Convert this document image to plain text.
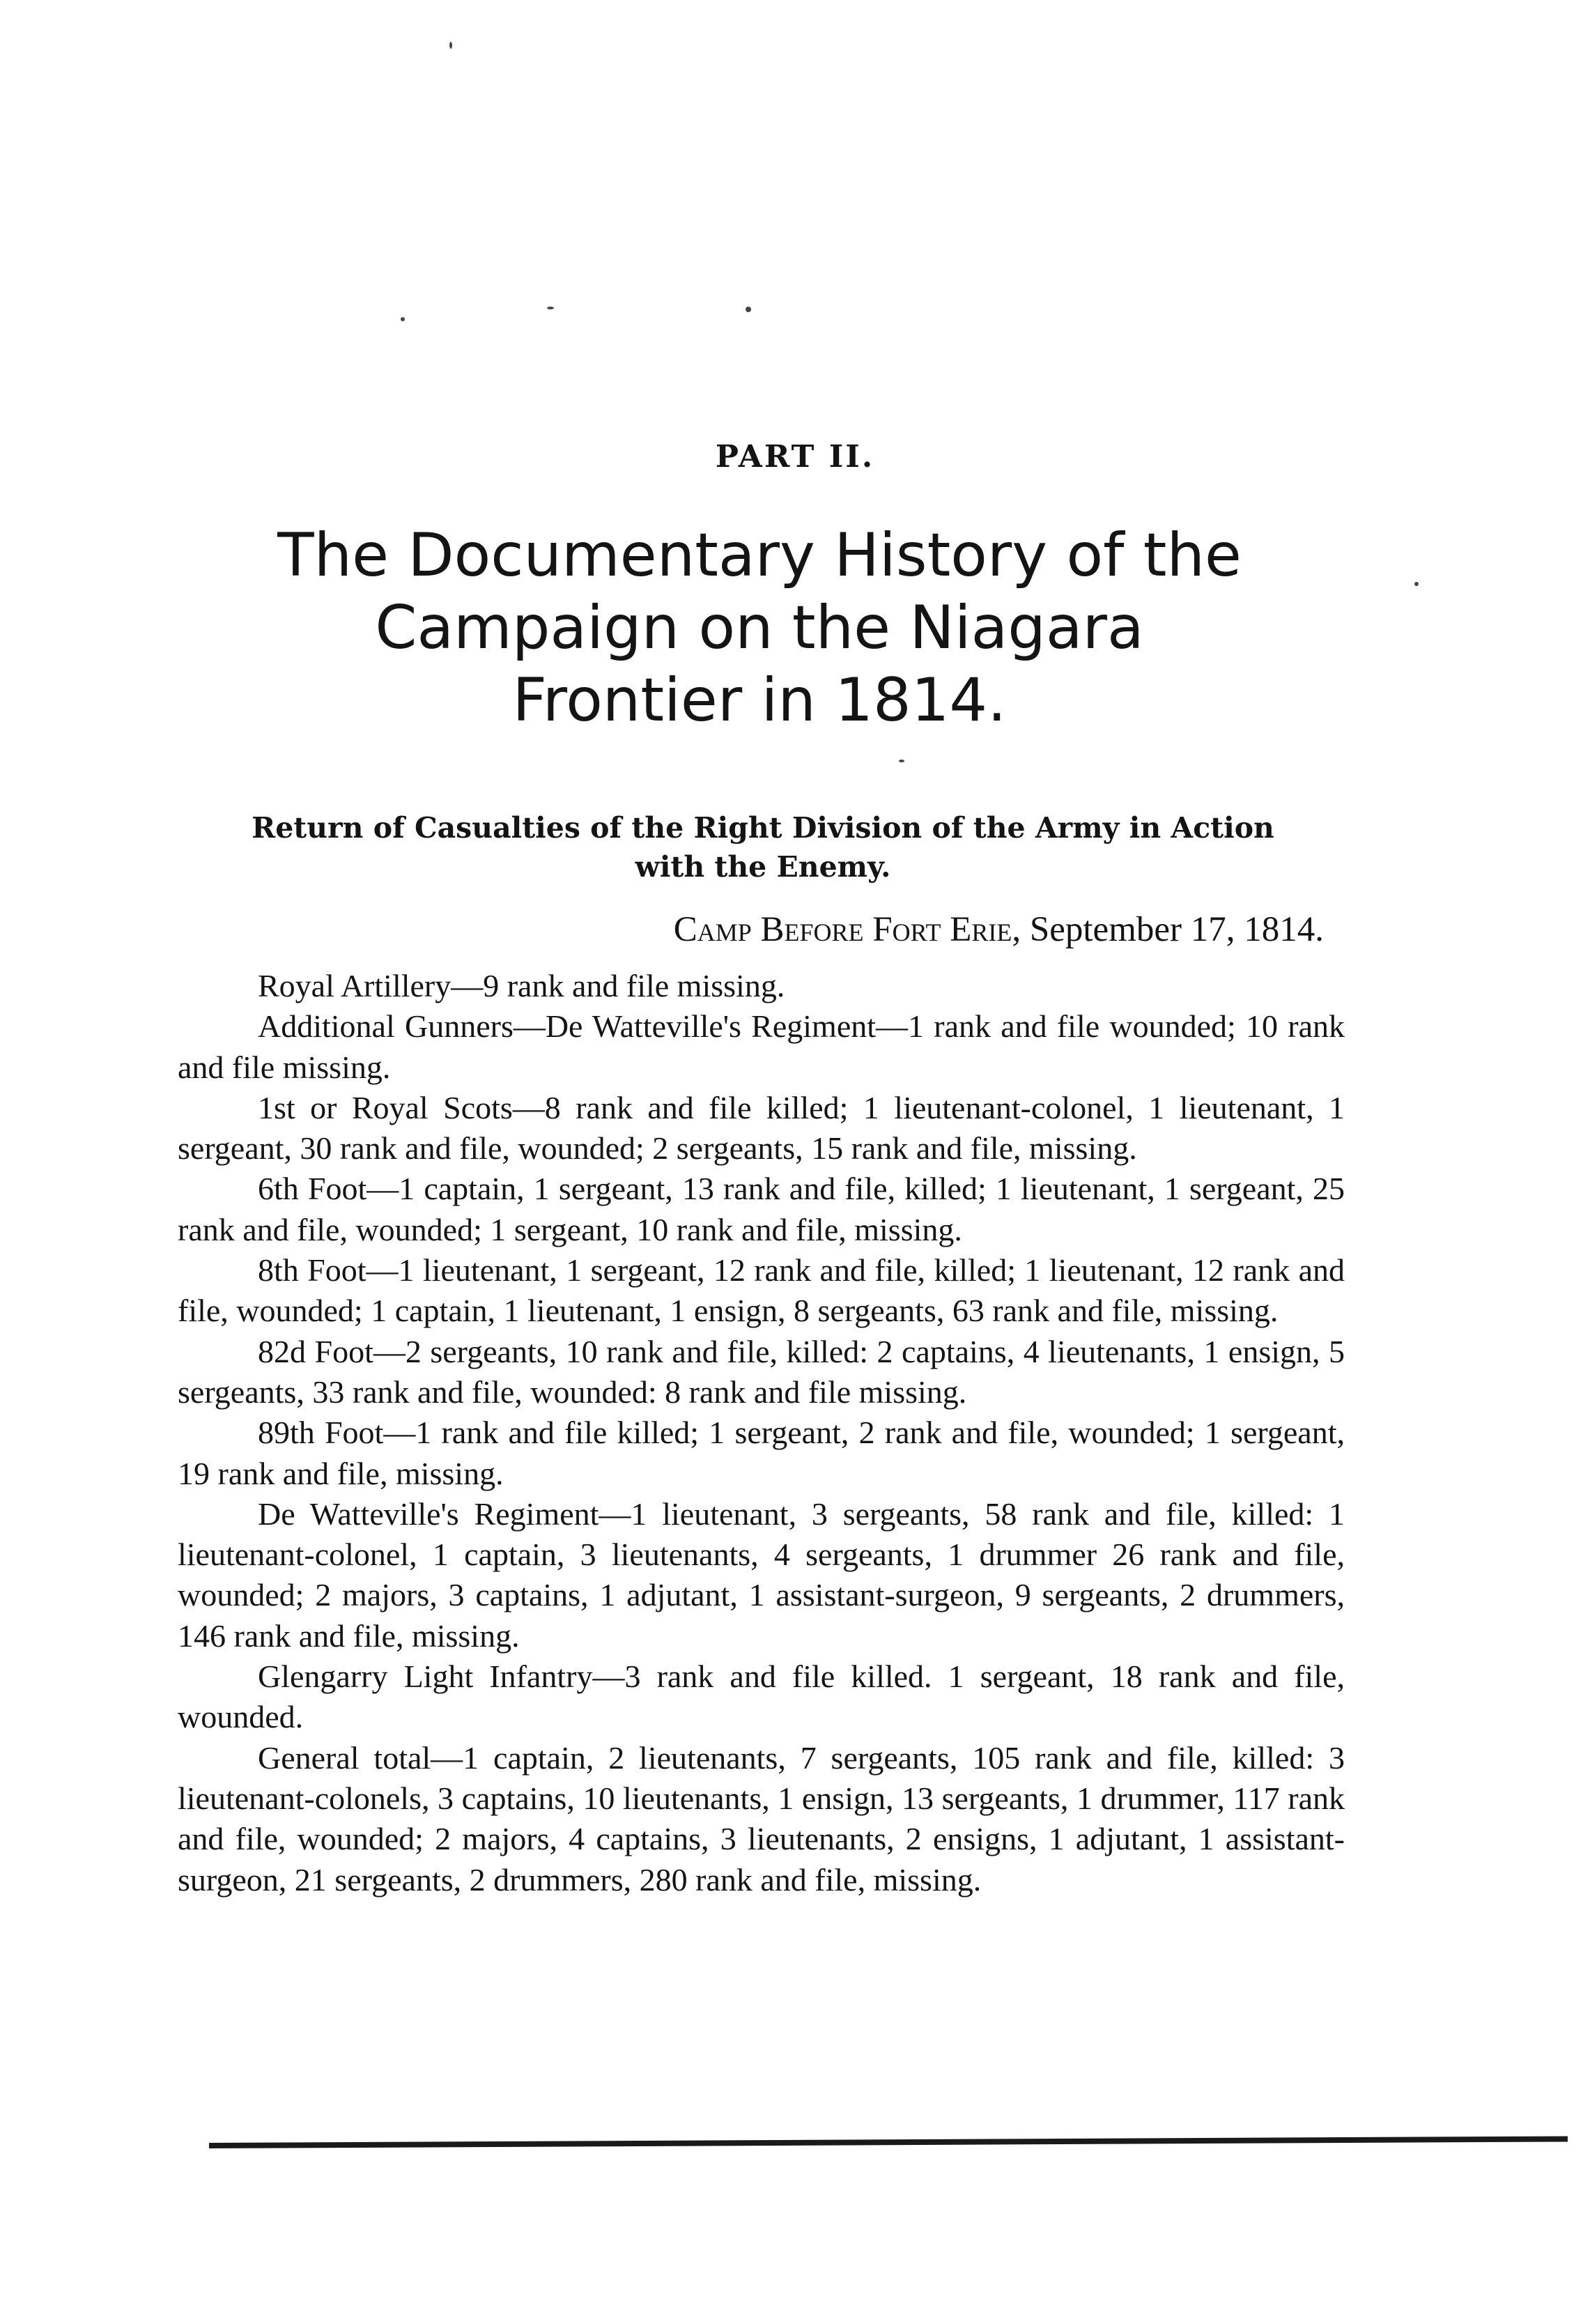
PART II.
The Documentary History of the
Campaign on the Niagara
Frontier in 1814.
Return of Casualties of the Right Division of the Army in Action
with the Enemy.
Camp Before Fort Erie, September 17, 1814.

Royal Artillery—9 rank and file missing.

Additional Gunners—De Watteville's Regiment—1 rank and file wounded; 10 rank and file missing.

1st or Royal Scots—8 rank and file killed; 1 lieutenant-colonel, 1 lieutenant, 1 sergeant, 30 rank and file, wounded; 2 sergeants, 15 rank and file, missing.

6th Foot—1 captain, 1 sergeant, 13 rank and file, killed; 1 lieutenant, 1 sergeant, 25 rank and file, wounded; 1 sergeant, 10 rank and file, missing.

8th Foot—1 lieutenant, 1 sergeant, 12 rank and file, killed; 1 lieutenant, 12 rank and file, wounded; 1 captain, 1 lieutenant, 1 ensign, 8 sergeants, 63 rank and file, missing.

82d Foot—2 sergeants, 10 rank and file, killed: 2 captains, 4 lieutenants, 1 ensign, 5 sergeants, 33 rank and file, wounded: 8 rank and file missing.

89th Foot—1 rank and file killed; 1 sergeant, 2 rank and file, wounded; 1 sergeant, 19 rank and file, missing.

De Watteville's Regiment—1 lieutenant, 3 sergeants, 58 rank and file, killed: 1 lieutenant-colonel, 1 captain, 3 lieutenants, 4 sergeants, 1 drummer 26 rank and file, wounded; 2 majors, 3 captains, 1 adjutant, 1 assistant-surgeon, 9 sergeants, 2 drummers, 146 rank and file, missing.

Glengarry Light Infantry—3 rank and file killed. 1 sergeant, 18 rank and file, wounded.

General total—1 captain, 2 lieutenants, 7 sergeants, 105 rank and file, killed: 3 lieutenant-colonels, 3 captains, 10 lieutenants, 1 ensign, 13 sergeants, 1 drummer, 117 rank and file, wounded; 2 majors, 4 captains, 3 lieutenants, 2 ensigns, 1 adjutant, 1 assistant-surgeon, 21 sergeants, 2 drummers, 280 rank and file, missing.
